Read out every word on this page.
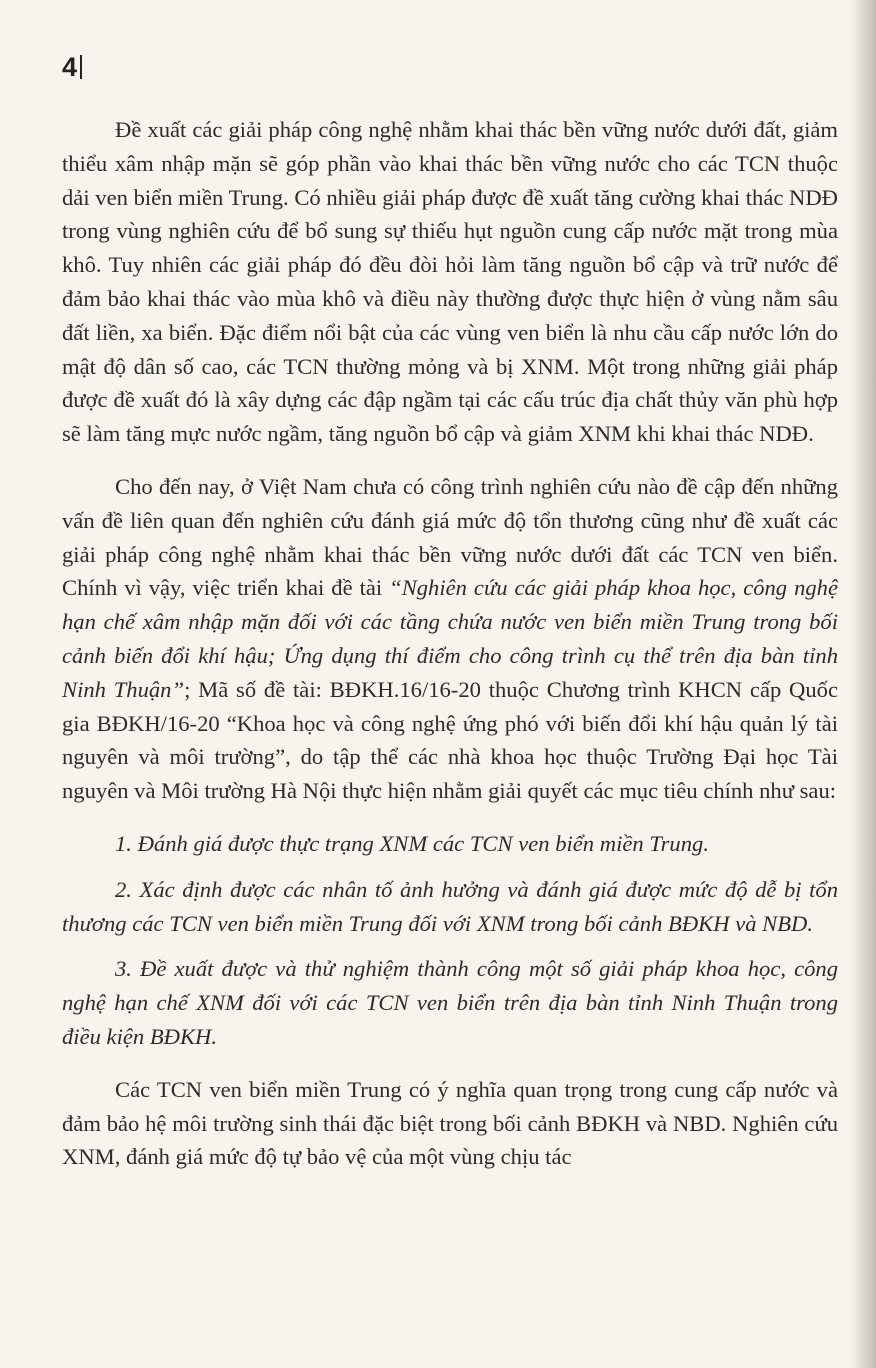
4

Đề xuất các giải pháp công nghệ nhằm khai thác bền vững nước dưới đất, giảm thiểu xâm nhập mặn sẽ góp phần vào khai thác bền vững nước cho các TCN thuộc dải ven biển miền Trung. Có nhiều giải pháp được đề xuất tăng cường khai thác NDĐ trong vùng nghiên cứu để bổ sung sự thiếu hụt nguồn cung cấp nước mặt trong mùa khô. Tuy nhiên các giải pháp đó đều đòi hỏi làm tăng nguồn bổ cập và trữ nước để đảm bảo khai thác vào mùa khô và điều này thường được thực hiện ở vùng nằm sâu đất liền, xa biển. Đặc điểm nổi bật của các vùng ven biển là nhu cầu cấp nước lớn do mật độ dân số cao, các TCN thường mỏng và bị XNM. Một trong những giải pháp được đề xuất đó là xây dựng các đập ngầm tại các cấu trúc địa chất thủy văn phù hợp sẽ làm tăng mực nước ngầm, tăng nguồn bổ cập và giảm XNM khi khai thác NDĐ.

Cho đến nay, ở Việt Nam chưa có công trình nghiên cứu nào đề cập đến những vấn đề liên quan đến nghiên cứu đánh giá mức độ tổn thương cũng như đề xuất các giải pháp công nghệ nhằm khai thác bền vững nước dưới đất các TCN ven biển. Chính vì vậy, việc triển khai đề tài “Nghiên cứu các giải pháp khoa học, công nghệ hạn chế xâm nhập mặn đối với các tầng chứa nước ven biển miền Trung trong bối cảnh biến đổi khí hậu; Ứng dụng thí điểm cho công trình cụ thể trên địa bàn tỉnh Ninh Thuận”; Mã số đề tài: BĐKH.16/16-20 thuộc Chương trình KHCN cấp Quốc gia BĐKH/16-20 “Khoa học và công nghệ ứng phó với biến đổi khí hậu quản lý tài nguyên và môi trường”, do tập thể các nhà khoa học thuộc Trường Đại học Tài nguyên và Môi trường Hà Nội thực hiện nhằm giải quyết các mục tiêu chính như sau:

1. Đánh giá được thực trạng XNM các TCN ven biển miền Trung.

2. Xác định được các nhân tố ảnh hưởng và đánh giá được mức độ dễ bị tổn thương các TCN ven biển miền Trung đối với XNM trong bối cảnh BĐKH và NBD.

3. Đề xuất được và thử nghiệm thành công một số giải pháp khoa học, công nghệ hạn chế XNM đối với các TCN ven biển trên địa bàn tỉnh Ninh Thuận trong điều kiện BĐKH.

Các TCN ven biển miền Trung có ý nghĩa quan trọng trong cung cấp nước và đảm bảo hệ môi trường sinh thái đặc biệt trong bối cảnh BĐKH và NBD. Nghiên cứu XNM, đánh giá mức độ tự bảo vệ của một vùng chịu tác
